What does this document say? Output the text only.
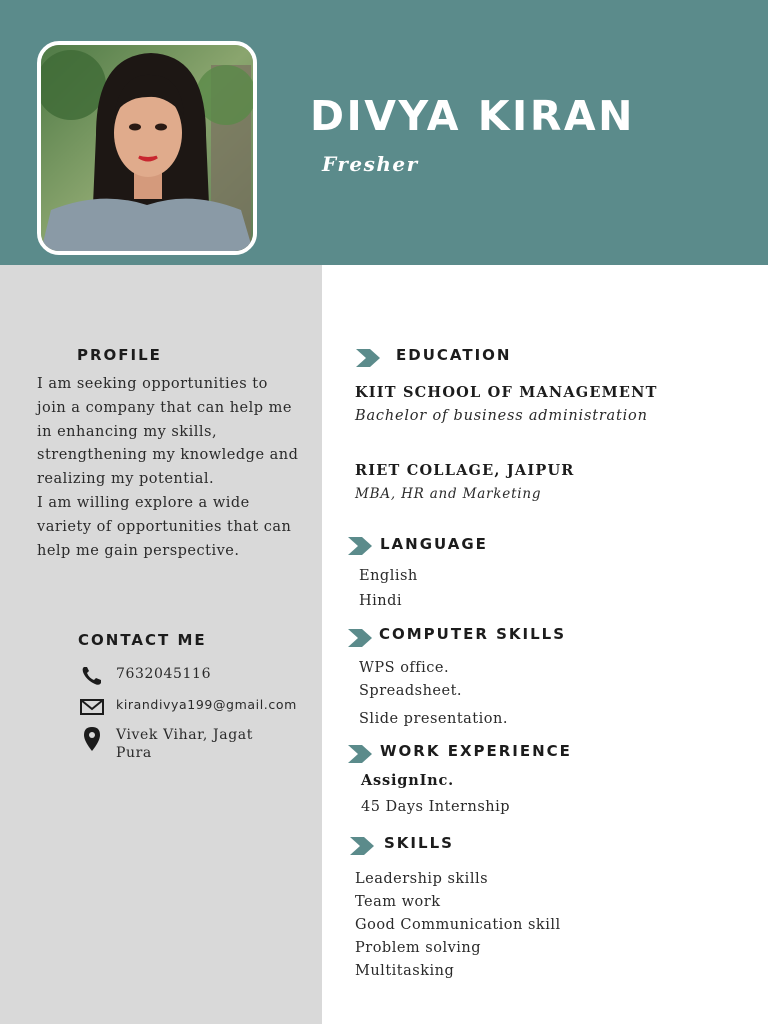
DIVYA KIRAN
Fresher
PROFILE
I am seeking opportunities to
join a company that can help me
in enhancing my skills,
strengthening my knowledge and
realizing my potential.
I am willing explore a wide
variety of opportunities that can
help me gain perspective.
CONTACT ME
7632045116
kirandivya199@gmail.com
Vivek Vihar, Jagat
Pura
EDUCATION
KIIT SCHOOL OF MANAGEMENT
Bachelor of business administration
RIET COLLAGE, JAIPUR
MBA, HR and Marketing
LANGUAGE
English
Hindi
COMPUTER SKILLS
WPS office.
Spreadsheet.
Slide presentation.
WORK EXPERIENCE
AssignInc.
45 Days Internship
SKILLS
Leadership skills
Team work
Good Communication skill
Problem solving
Multitasking
